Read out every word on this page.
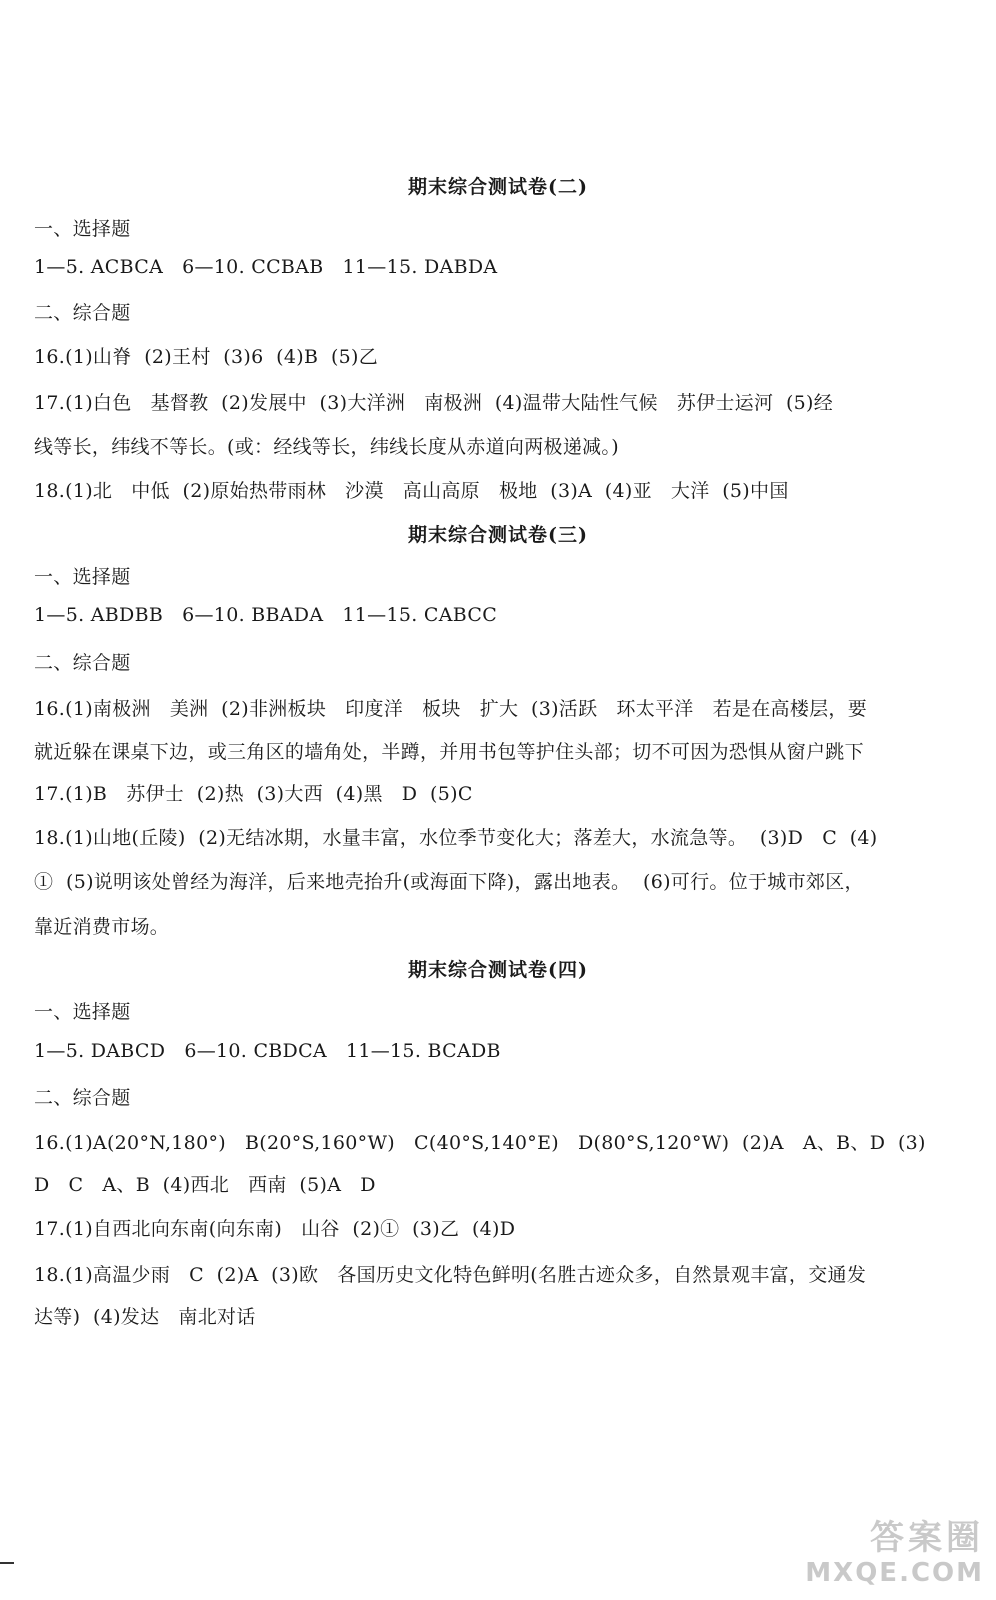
期末综合测试卷(二)
一、选择题
1—5. ACBCA   6—10. CCBAB   11—15. DABDA
二、综合题
16.(1)山脊  (2)王村  (3)6  (4)B  (5)乙
17.(1)白色   基督教  (2)发展中  (3)大洋洲   南极洲  (4)温带大陆性气候   苏伊士运河  (5)经
线等长，纬线不等长。(或：经线等长，纬线长度从赤道向两极递减。)
18.(1)北   中低  (2)原始热带雨林   沙漠   高山高原   极地  (3)A  (4)亚   大洋  (5)中国
期末综合测试卷(三)
一、选择题
1—5. ABDBB   6—10. BBADA   11—15. CABCC
二、综合题
16.(1)南极洲   美洲  (2)非洲板块   印度洋   板块   扩大  (3)活跃   环太平洋   若是在高楼层，要
就近躲在课桌下边，或三角区的墙角处，半蹲，并用书包等护住头部；切不可因为恐惧从窗户跳下
17.(1)B   苏伊士  (2)热  (3)大西  (4)黑   D  (5)C
18.(1)山地(丘陵)  (2)无结冰期，水量丰富，水位季节变化大；落差大，水流急等。  (3)D   C  (4)
①  (5)说明该处曾经为海洋，后来地壳抬升(或海面下降)，露出地表。  (6)可行。位于城市郊区，
靠近消费市场。
期末综合测试卷(四)
一、选择题
1—5. DABCD   6—10. CBDCA   11—15. BCADB
二、综合题
16.(1)A(20°N,180°)   B(20°S,160°W)   C(40°S,140°E)   D(80°S,120°W)  (2)A   A、B、D  (3)
D   C   A、B  (4)西北   西南  (5)A   D
17.(1)自西北向东南(向东南)   山谷  (2)①  (3)乙  (4)D
18.(1)高温少雨   C  (2)A  (3)欧   各国历史文化特色鲜明(名胜古迹众多，自然景观丰富，交通发
达等)  (4)发达   南北对话
答案圈
MXQE.COM
